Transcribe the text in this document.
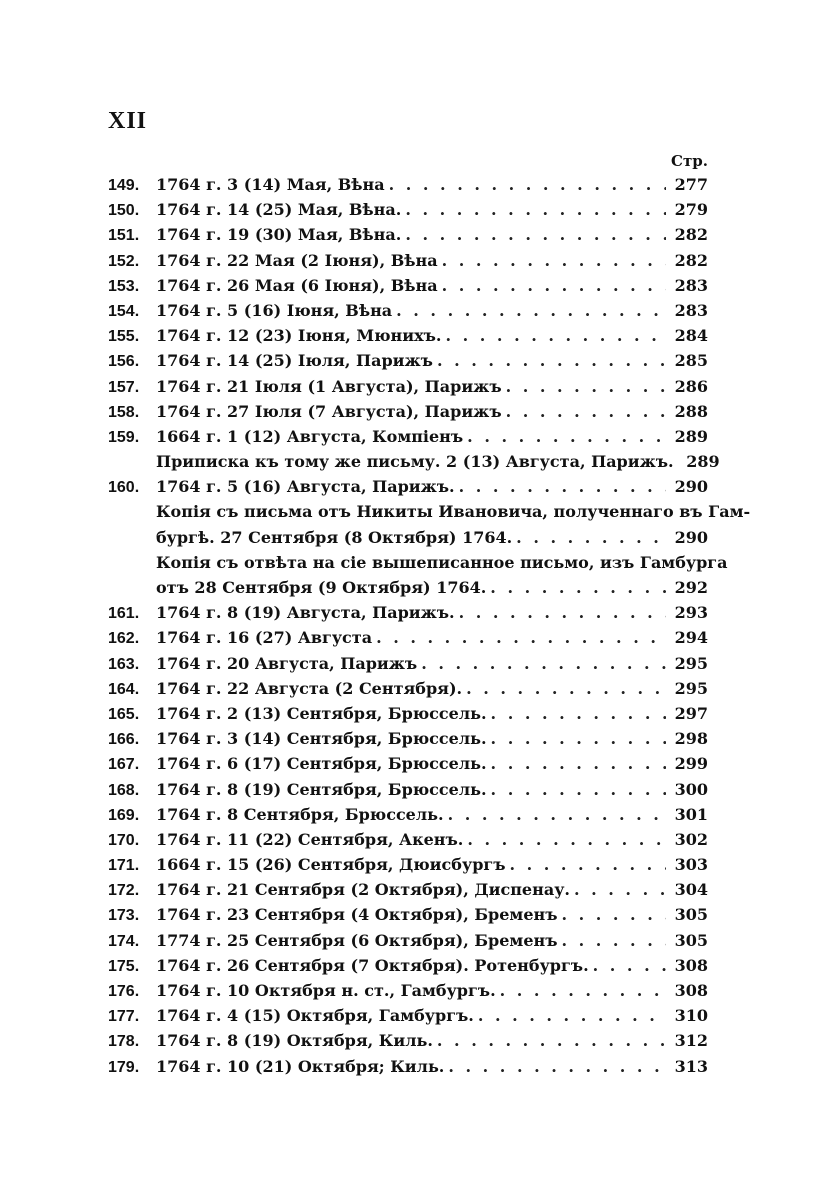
XII
Стр.
149.	1764 г. 3 (14) Мая, Вѣна . . .	277
150.	1764 г. 14 (25) Мая, Вѣна. . . .	279
151.	1764 г. 19 (30) Мая, Вѣна. . . .	282
152.	1764 г. 22 Мая (2 Іюня), Вѣна . . .	282
153.	1764 г. 26 Мая (6 Іюня), Вѣна . . .	283
154.	1764 г. 5 (16) Іюня, Вѣна . . .	283
155.	1764 г. 12 (23) Іюня, Мюнихъ. . . .	284
156.	1764 г. 14 (25) Іюля, Парижъ . . .	285
157.	1764 г. 21 Іюля (1 Августа), Парижъ . . .	286
158.	1764 г. 27 Іюля (7 Августа), Парижъ . . .	288
159.	1664 г. 1 (12) Августа, Компіенъ . . .	289
Приписка къ тому же письму. 2 (13) Августа, Парижъ. 289
160.	1764 г. 5 (16) Августа, Парижъ. . . .	290
Копія съ письма отъ Никиты Ивановича, полученнаго въ Гам-
бургѣ. 27 Сентября (8 Октября) 1764. . . .	290
Копія съ отвѣта на сіе вышеписанное письмо, изъ Гамбурга
отъ 28 Сентября (9 Октября) 1764. . . .	292
161.	1764 г. 8 (19) Августа, Парижъ. . . .	293
162.	1764 г. 16 (27) Августа . . .	294
163.	1764 г. 20 Августа, Парижъ . . .	295
164.	1764 г. 22 Августа (2 Сентября). . . .	295
165.	1764 г. 2 (13) Сентября, Брюссель. . . .	297
166.	1764 г. 3 (14) Сентября, Брюссель. . . .	298
167.	1764 г. 6 (17) Сентября, Брюссель. . . .	299
168.	1764 г. 8 (19) Сентября, Брюссель. . . .	300
169.	1764 г. 8 Сентября, Брюссель. . . .	301
170.	1764 г. 11 (22) Сентября, Акенъ. . . .	302
171.	1664 г. 15 (26) Сентября, Дюисбургъ . . .	303
172.	1764 г. 21 Сентября (2 Октября), Диспенау. . . .	304
173.	1764 г. 23 Сентября (4 Октября), Бременъ . . .	305
174.	1774 г. 25 Сентября (6 Октября), Бременъ . . .	305
175.	1764 г. 26 Сентября (7 Октября). Ротенбургъ. . . .	308
176.	1764 г. 10 Октября н. ст., Гамбургъ. . . .	308
177.	1764 г. 4 (15) Октября, Гамбургъ. . . .	310
178.	1764 г. 8 (19) Октября, Киль. . . .	312
179.	1764 г. 10 (21) Октября; Киль. . . .	313
